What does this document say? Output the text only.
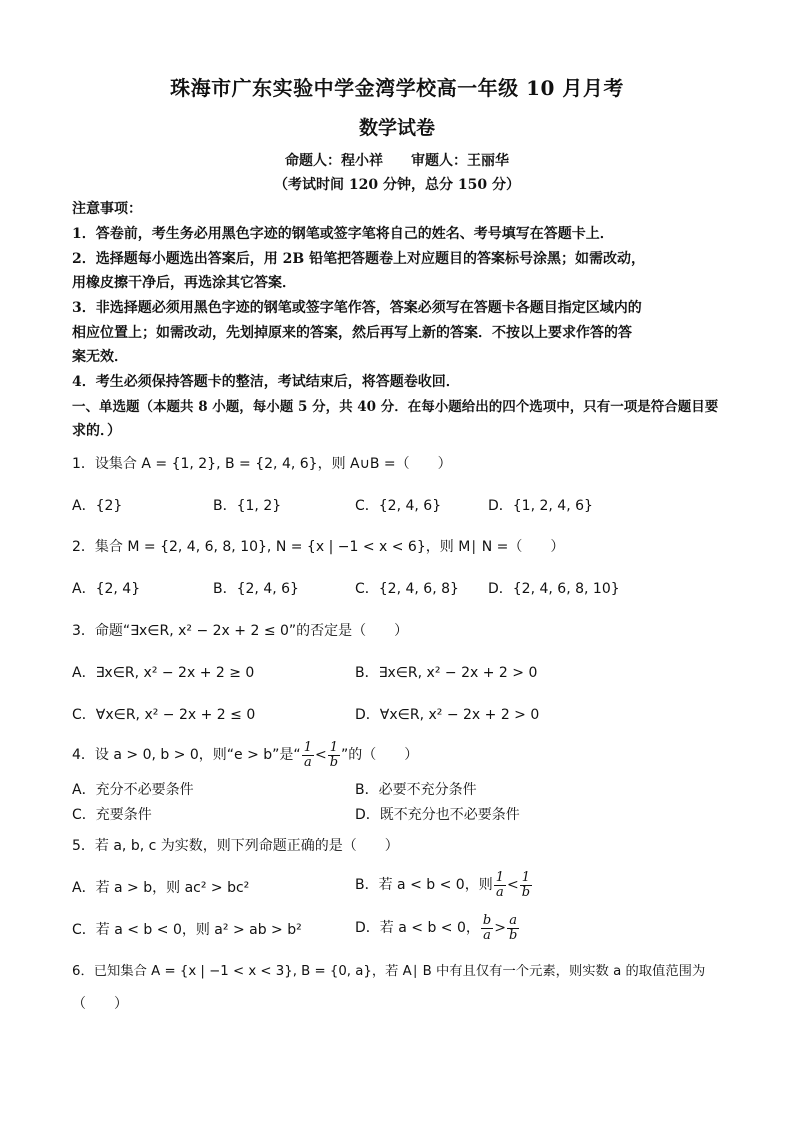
珠海市广东实验中学金湾学校高一年级 10 月月考
数学试卷
命题人：程小祥　　审题人：王丽华
（考试时间 120 分钟，总分 150 分）
注意事项：
1．答卷前，考生务必用黑色字迹的钢笔或签字笔将自己的姓名、考号填写在答题卡上．
2．选择题每小题选出答案后，用 2B 铅笔把答题卷上对应题目的答案标号涂黑；如需改动，
用橡皮擦干净后，再选涂其它答案．
3．非选择题必须用黑色字迹的钢笔或签字笔作答，答案必须写在答题卡各题目指定区域内的
相应位置上；如需改动，先划掉原来的答案，然后再写上新的答案．不按以上要求作答的答
案无效．
4．考生必须保持答题卡的整洁，考试结束后，将答题卷收回．
一、单选题（本题共 8 小题，每小题 5 分，共 40 分．在每小题给出的四个选项中，只有一项是符合题目要
求的．）
1．设集合 A = {1, 2}, B = {2, 4, 6}，则 A∪B =（　　）
A．{2}	B．{1, 2}	C．{2, 4, 6}	D．{1, 2, 4, 6}
2．集合 M = {2, 4, 6, 8, 10}, N = {x | −1 < x < 6}，则 M∣ N =（　　）
A．{2, 4}	B．{2, 4, 6}	C．{2, 4, 6, 8} D．{2, 4, 6, 8, 10}
3．命题“∃x∈R, x² − 2x + 2 ≤ 0”的否定是（　　）
A．∃x∈R, x² − 2x + 2 ≥ 0	B．∃x∈R, x² − 2x + 2 > 0
C．∀x∈R, x² − 2x + 2 ≤ 0	D．∀x∈R, x² − 2x + 2 > 0
4．设 a > 0, b > 0，则“e > b”是“ $\frac{1}{a} < \frac{1}{b}$ ”的（　　）
A．充分不必要条件	B．必要不充分条件
C．充要条件	D．既不充分也不必要条件
5．若 a, b, c 为实数，则下列命题正确的是（　　）
A．若 a > b，则 ac² > bc²	B．若 a < b < 0，则 $\frac{1}{a} < \frac{1}{b}$
C．若 a < b < 0，则 a² > ab > b²	D．若 a < b < 0， $\frac{b}{a} > \frac{a}{b}$
6．已知集合 A = {x | −1 < x < 3}, B = {0, a}，若 A∣ B 中有且仅有一个元素，则实数 a 的取值范围为
（　　）
